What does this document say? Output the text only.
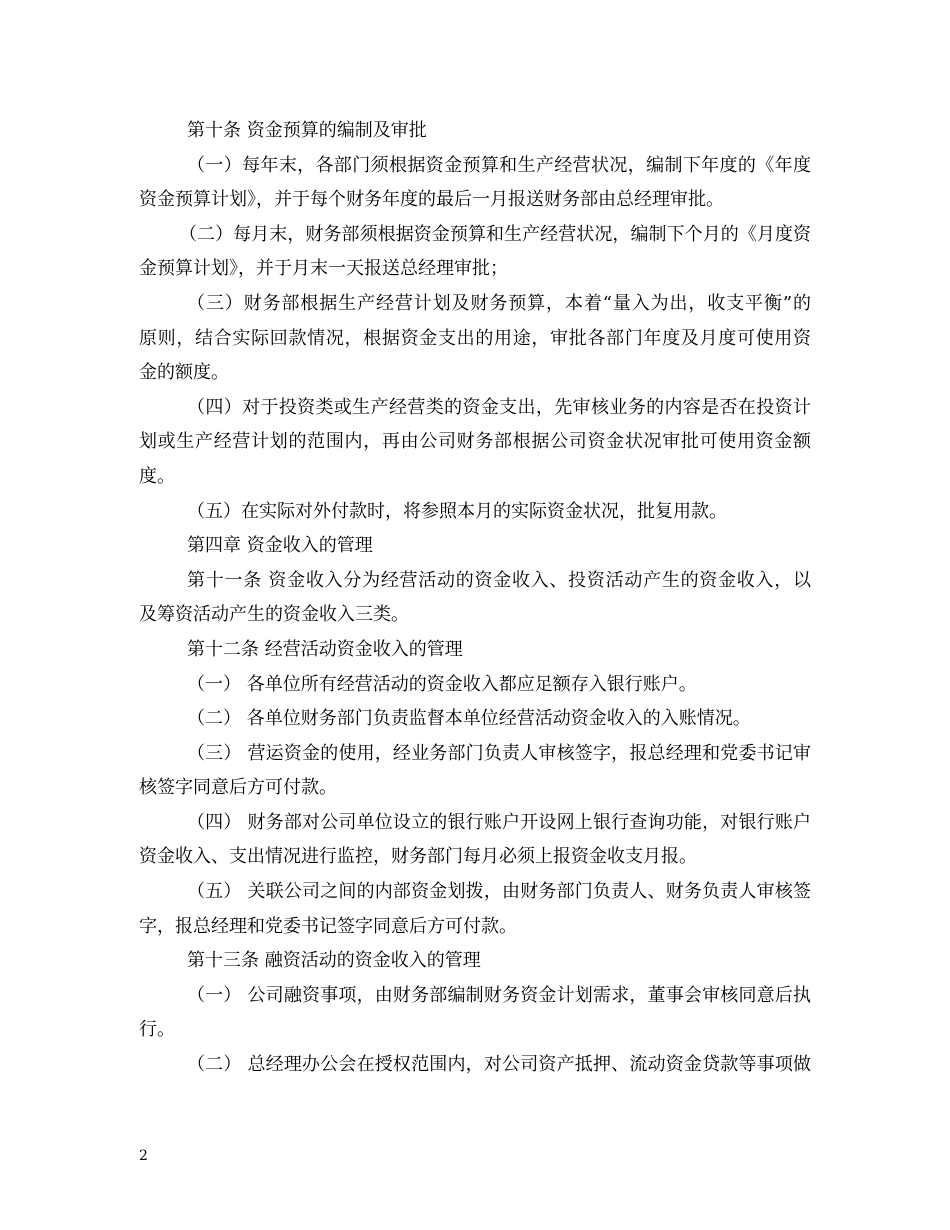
第十条 资金预算的编制及审批
（一）每年末，各部门须根据资金预算和生产经营状况，编制下年度的《年度
资金预算计划》，并于每个财务年度的最后一月报送财务部由总经理审批。
（二）每月末，财务部须根据资金预算和生产经营状况，编制下个月的《月度资
金预算计划》，并于月末一天报送总经理审批；
（三）财务部根据生产经营计划及财务预算，本着“量入为出，收支平衡”的
原则，结合实际回款情况，根据资金支出的用途，审批各部门年度及月度可使用资
金的额度。
（四）对于投资类或生产经营类的资金支出，先审核业务的内容是否在投资计
划或生产经营计划的范围内，再由公司财务部根据公司资金状况审批可使用资金额
度。
（五）在实际对外付款时，将参照本月的实际资金状况，批复用款。
第四章 资金收入的管理
第十一条 资金收入分为经营活动的资金收入、投资活动产生的资金收入，以
及筹资活动产生的资金收入三类。
第十二条 经营活动资金收入的管理
（一） 各单位所有经营活动的资金收入都应足额存入银行账户。
（二） 各单位财务部门负责监督本单位经营活动资金收入的入账情况。
（三） 营运资金的使用，经业务部门负责人审核签字，报总经理和党委书记审
核签字同意后方可付款。
（四） 财务部对公司单位设立的银行账户开设网上银行查询功能，对银行账户
资金收入、支出情况进行监控，财务部门每月必须上报资金收支月报。
（五） 关联公司之间的内部资金划拨，由财务部门负责人、财务负责人审核签
字，报总经理和党委书记签字同意后方可付款。
第十三条 融资活动的资金收入的管理
（一） 公司融资事项，由财务部编制财务资金计划需求，董事会审核同意后执
行。
（二） 总经理办公会在授权范围内，对公司资产抵押、流动资金贷款等事项做
2
